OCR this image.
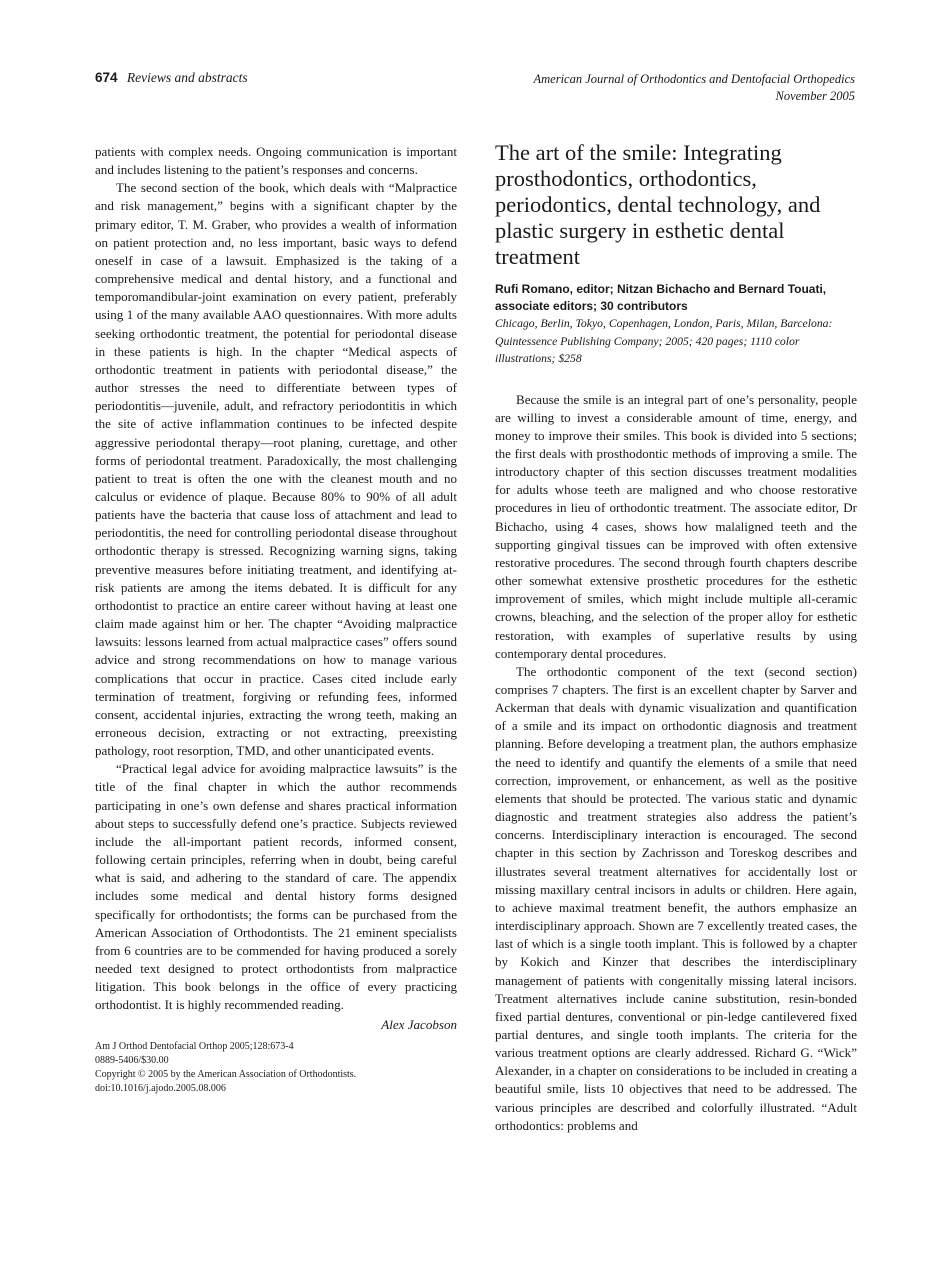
674 Reviews and abstracts	American Journal of Orthodontics and Dentofacial Orthopedics
November 2005

patients with complex needs. Ongoing communication is important and includes listening to the patient’s responses and concerns.

The second section of the book, which deals with “Malpractice and risk management,” begins with a significant chapter by the primary editor, T. M. Graber, who provides a wealth of information on patient protection and, no less important, basic ways to defend oneself in case of a lawsuit. Emphasized is the taking of a comprehensive medical and dental history, and a functional and temporomandibular-joint examination on every patient, preferably using 1 of the many available AAO questionnaires. With more adults seeking orthodontic treatment, the potential for periodontal disease in these patients is high. In the chapter “Medical aspects of orthodontic treatment in patients with periodontal disease,” the author stresses the need to differentiate between types of periodontitis—juvenile, adult, and refractory periodontitis in which the site of active inflammation continues to be infected despite aggressive periodontal therapy—root planing, curettage, and other forms of periodontal treatment. Paradoxically, the most challenging patient to treat is often the one with the cleanest mouth and no calculus or evidence of plaque. Because 80% to 90% of all adult patients have the bacteria that cause loss of attachment and lead to periodontitis, the need for controlling periodontal disease throughout orthodontic therapy is stressed. Recognizing warning signs, taking preventive measures before initiating treatment, and identifying at-risk patients are among the items debated. It is difficult for any orthodontist to practice an entire career without having at least one claim made against him or her. The chapter “Avoiding malpractice lawsuits: lessons learned from actual malpractice cases” offers sound advice and strong recommendations on how to manage various complications that occur in practice. Cases cited include early termination of treatment, forgiving or refunding fees, informed consent, accidental injuries, extracting the wrong teeth, making an erroneous decision, extracting or not extracting, preexisting pathology, root resorption, TMD, and other unanticipated events.

“Practical legal advice for avoiding malpractice lawsuits” is the title of the final chapter in which the author recommends participating in one’s own defense and shares practical information about steps to successfully defend one’s practice. Subjects reviewed include the all-important patient records, informed consent, following certain principles, referring when in doubt, being careful what is said, and adhering to the standard of care. The appendix includes some medical and dental history forms designed specifically for orthodontists; the forms can be purchased from the American Association of Orthodontists. The 21 eminent specialists from 6 countries are to be commended for having produced a sorely needed text designed to protect orthodontists from malpractice litigation. This book belongs in the office of every practicing orthodontist. It is highly recommended reading.

Alex Jacobson
Am J Orthod Dentofacial Orthop 2005;128:673-4
0889-5406/$30.00
Copyright © 2005 by the American Association of Orthodontists.
doi:10.1016/j.ajodo.2005.08.006
The art of the smile: Integrating prosthodontics, orthodontics, periodontics, dental technology, and plastic surgery in esthetic dental treatment
Rufi Romano, editor; Nitzan Bichacho and Bernard Touati, associate editors; 30 contributors
Chicago, Berlin, Tokyo, Copenhagen, London, Paris, Milan, Barcelona: Quintessence Publishing Company; 2005; 420 pages; 1110 color illustrations; $258

Because the smile is an integral part of one’s personality, people are willing to invest a considerable amount of time, energy, and money to improve their smiles. This book is divided into 5 sections; the first deals with prosthodontic methods of improving a smile. The introductory chapter of this section discusses treatment modalities for adults whose teeth are maligned and who choose restorative procedures in lieu of orthodontic treatment. The associate editor, Dr Bichacho, using 4 cases, shows how malaligned teeth and the supporting gingival tissues can be improved with often extensive restorative procedures. The second through fourth chapters describe other somewhat extensive prosthetic procedures for the esthetic improvement of smiles, which might include multiple all-ceramic crowns, bleaching, and the selection of the proper alloy for esthetic restoration, with examples of superlative results by using contemporary dental procedures.

The orthodontic component of the text (second section) comprises 7 chapters. The first is an excellent chapter by Sarver and Ackerman that deals with dynamic visualization and quantification of a smile and its impact on orthodontic diagnosis and treatment planning. Before developing a treatment plan, the authors emphasize the need to identify and quantify the elements of a smile that need correction, improvement, or enhancement, as well as the positive elements that should be protected. The various static and dynamic diagnostic and treatment strategies also address the patient’s concerns. Interdisciplinary interaction is encouraged. The second chapter in this section by Zachrisson and Toreskog describes and illustrates several treatment alternatives for accidentally lost or missing maxillary central incisors in adults or children. Here again, to achieve maximal treatment benefit, the authors emphasize an interdisciplinary approach. Shown are 7 excellently treated cases, the last of which is a single tooth implant. This is followed by a chapter by Kokich and Kinzer that describes the interdisciplinary management of patients with congenitally missing lateral incisors. Treatment alternatives include canine substitution, resin-bonded fixed partial dentures, conventional or pin-ledge cantilevered fixed partial dentures, and single tooth implants. The criteria for the various treatment options are clearly addressed. Richard G. “Wick” Alexander, in a chapter on considerations to be included in creating a beautiful smile, lists 10 objectives that need to be addressed. The various principles are described and colorfully illustrated. “Adult orthodontics: problems and
